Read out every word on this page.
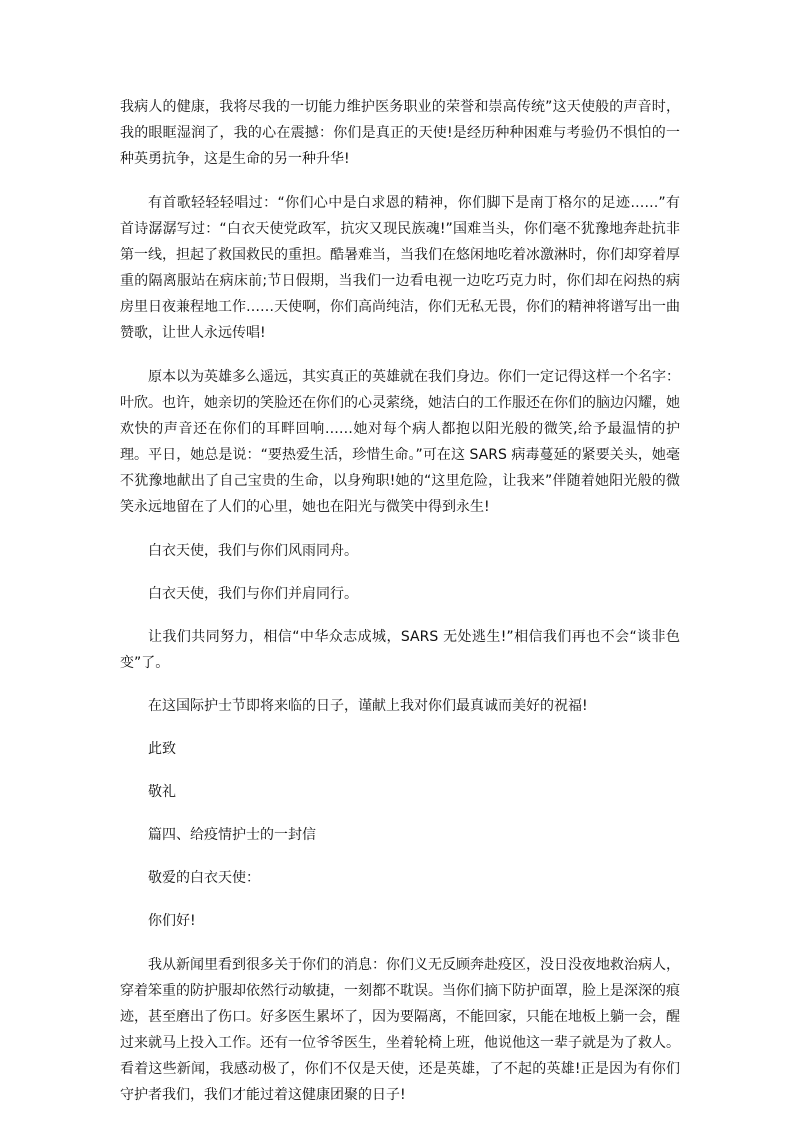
我病人的健康，我将尽我的一切能力维护医务职业的荣誉和崇高传统”这天使般的声音时，我的眼眶湿润了，我的心在震撼：你们是真正的天使!是经历种种困难与考验仍不惧怕的一种英勇抗争，这是生命的另一种升华!

有首歌轻轻轻唱过：“你们心中是白求恩的精神，你们脚下是南丁格尔的足迹……”有首诗潺潺写过：“白衣天使党政军，抗灾又现民族魂!”国难当头，你们毫不犹豫地奔赴抗非第一线，担起了救国救民的重担。酷暑难当，当我们在悠闲地吃着冰激淋时，你们却穿着厚重的隔离服站在病床前;节日假期，当我们一边看电视一边吃巧克力时，你们却在闷热的病房里日夜兼程地工作……天使啊，你们高尚纯洁，你们无私无畏，你们的精神将谱写出一曲赞歌，让世人永远传唱!

原本以为英雄多么遥远，其实真正的英雄就在我们身边。你们一定记得这样一个名字：叶欣。也许，她亲切的笑脸还在你们的心灵萦绕，她洁白的工作服还在你们的脑边闪耀，她欢快的声音还在你们的耳畔回响……她对每个病人都抱以阳光般的微笑,给予最温情的护理。平日，她总是说：“要热爱生活，珍惜生命。”可在这 SARS 病毒蔓延的紧要关头，她毫不犹豫地献出了自己宝贵的生命，以身殉职!她的“这里危险，让我来”伴随着她阳光般的微笑永远地留在了人们的心里，她也在阳光与微笑中得到永生!

白衣天使，我们与你们风雨同舟。

白衣天使，我们与你们并肩同行。

让我们共同努力，相信“中华众志成城，SARS 无处逃生!”相信我们再也不会“谈非色变”了。

在这国际护士节即将来临的日子，谨献上我对你们最真诚而美好的祝福!

此致

敬礼

篇四、给疫情护士的一封信

敬爱的白衣天使：

你们好!

我从新闻里看到很多关于你们的消息：你们义无反顾奔赴疫区，没日没夜地救治病人，穿着笨重的防护服却依然行动敏捷，一刻都不耽误。当你们摘下防护面罩，脸上是深深的痕迹，甚至磨出了伤口。好多医生累坏了，因为要隔离，不能回家，只能在地板上躺一会，醒过来就马上投入工作。还有一位爷爷医生，坐着轮椅上班，他说他这一辈子就是为了救人。看着这些新闻，我感动极了，你们不仅是天使，还是英雄，了不起的英雄!正是因为有你们守护者我们，我们才能过着这健康团聚的日子!
